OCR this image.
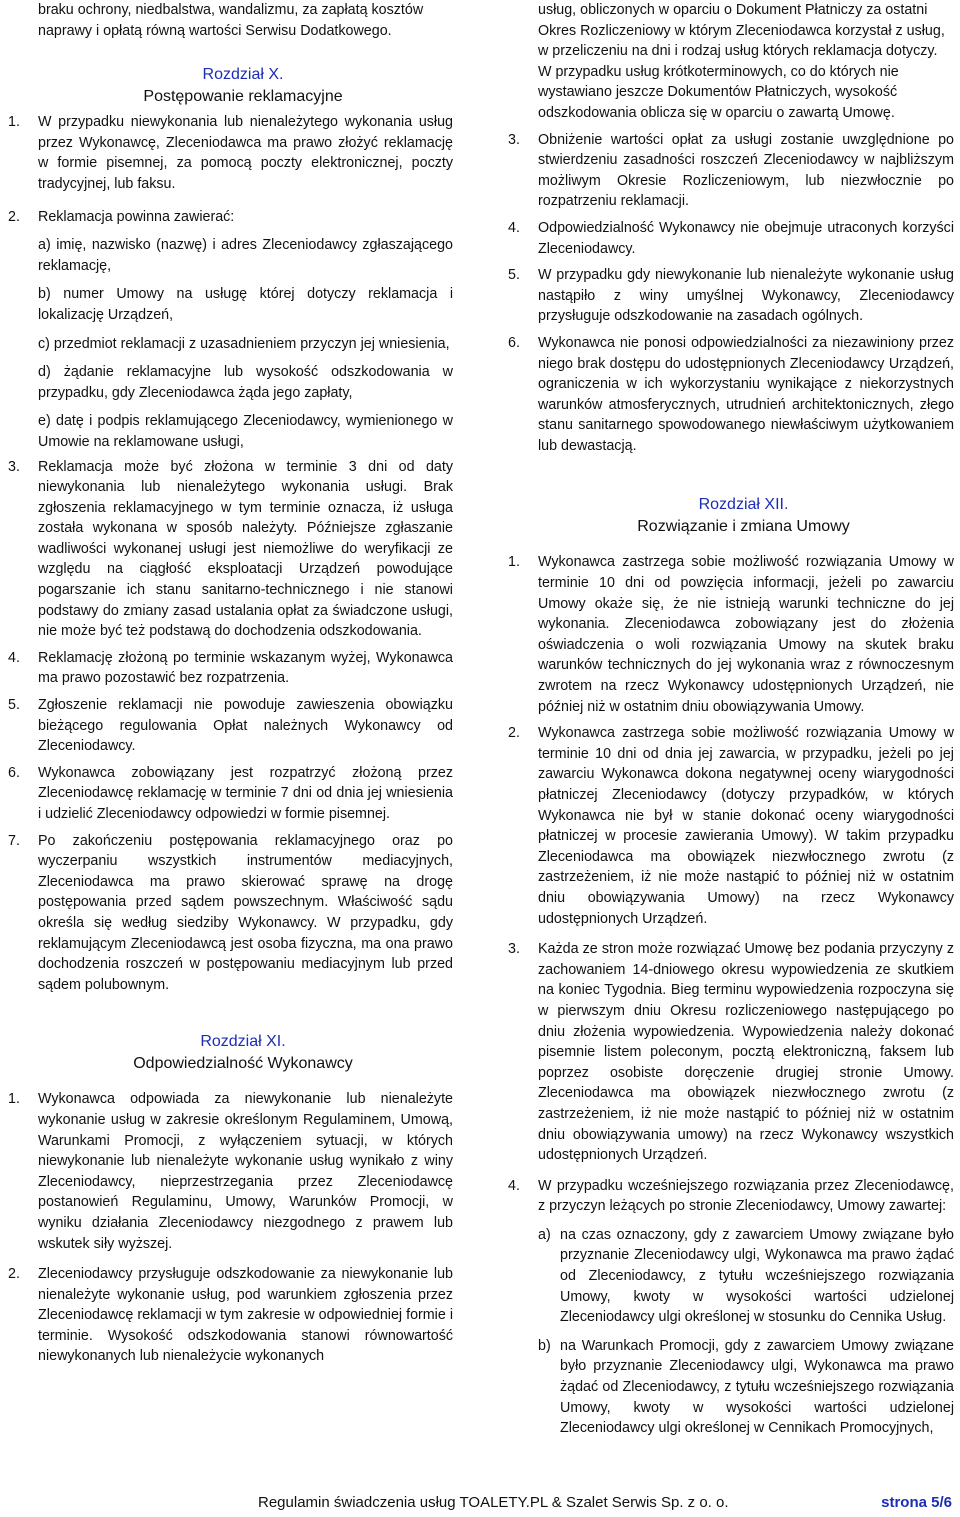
braku ochrony, niedbalstwa, wandalizmu, za zapłatą kosztów naprawy i opłatą równą wartości Serwisu Dodatkowego.
Rozdział X.
Postępowanie reklamacyjne
1. W przypadku niewykonania lub nienależytego wykonania usług przez Wykonawcę, Zleceniodawca ma prawo złożyć reklamację w formie pisemnej, za pomocą poczty elektronicznej, poczty tradycyjnej, lub faksu.
2. Reklamacja powinna zawierać:
a) imię, nazwisko (nazwę) i adres Zleceniodawcy zgłaszającego reklamację,
b) numer Umowy na usługę której dotyczy reklamacja i lokalizację Urządzeń,
c) przedmiot reklamacji z uzasadnieniem przyczyn jej wniesienia,
d) żądanie reklamacyjne lub wysokość odszkodowania w przypadku, gdy Zleceniodawca żąda jego zapłaty,
e) datę i podpis reklamującego Zleceniodawcy, wymienionego w Umowie na reklamowane usługi,
3. Reklamacja może być złożona w terminie 3 dni od daty niewykonania lub nienależytego wykonania usługi. Brak zgłoszenia reklamacyjnego w tym terminie oznacza, iż usługa została wykonana w sposób należyty. Późniejsze zgłaszanie wadliwości wykonanej usługi jest niemożliwe do weryfikacji ze względu na ciągłość eksploatacji Urządzeń powodujące pogarszanie ich stanu sanitarno-technicznego i nie stanowi podstawy do zmiany zasad ustalania opłat za świadczone usługi, nie może być też podstawą do dochodzenia odszkodowania.
4. Reklamację złożoną po terminie wskazanym wyżej, Wykonawca ma prawo pozostawić bez rozpatrzenia.
5. Zgłoszenie reklamacji nie powoduje zawieszenia obowiązku bieżącego regulowania Opłat należnych Wykonawcy od Zleceniodawcy.
6. Wykonawca zobowiązany jest rozpatrzyć złożoną przez Zleceniodawcę reklamację w terminie 7 dni od dnia jej wniesienia i udzielić Zleceniodawcy odpowiedzi w formie pisemnej.
7. Po zakończeniu postępowania reklamacyjnego oraz po wyczerpaniu wszystkich instrumentów mediacyjnych, Zleceniodawca ma prawo skierować sprawę na drogę postępowania przed sądem powszechnym. Właściwość sądu określa się według siedziby Wykonawcy. W przypadku, gdy reklamującym Zleceniodawcą jest osoba fizyczna, ma ona prawo dochodzenia roszczeń w postępowaniu mediacyjnym lub przed sądem polubownym.
Rozdział XI.
Odpowiedzialność Wykonawcy
1. Wykonawca odpowiada za niewykonanie lub nienależyte wykonanie usług w zakresie określonym Regulaminem, Umową, Warunkami Promocji, z wyłączeniem sytuacji, w których niewykonanie lub nienależyte wykonanie usług wynikało z winy Zleceniodawcy, nieprzestrzegania przez Zleceniodawcę postanowień Regulaminu, Umowy, Warunków Promocji, w wyniku działania Zleceniodawcy niezgodnego z prawem lub wskutek siły wyższej.
2. Zleceniodawcy przysługuje odszkodowanie za niewykonanie lub nienależyte wykonanie usług, pod warunkiem zgłoszenia przez Zleceniodawcę reklamacji w tym zakresie w odpowiedniej formie i terminie. Wysokość odszkodowania stanowi równowartość niewykonanych lub nienależycie wykonanych
usług, obliczonych w oparciu o Dokument Płatniczy za ostatni Okres Rozliczeniowy w którym Zleceniodawca korzystał z usług, w przeliczeniu na dni i rodzaj usług których reklamacja dotyczy. W przypadku usług krótkoterminowych, co do których nie wystawiano jeszcze Dokumentów Płatniczych, wysokość odszkodowania oblicza się w oparciu o zawartą Umowę.
3. Obniżenie wartości opłat za usługi zostanie uwzględnione po stwierdzeniu zasadności roszczeń Zleceniodawcy w najbliższym możliwym Okresie Rozliczeniowym, lub niezwłocznie po rozpatrzeniu reklamacji.
4. Odpowiedzialność Wykonawcy nie obejmuje utraconych korzyści Zleceniodawcy.
5. W przypadku gdy niewykonanie lub nienależyte wykonanie usług nastąpiło z winy umyślnej Wykonawcy, Zleceniodawcy przysługuje odszkodowanie na zasadach ogólnych.
6. Wykonawca nie ponosi odpowiedzialności za niezawiniony przez niego brak dostępu do udostępnionych Zleceniodawcy Urządzeń, ograniczenia w ich wykorzystaniu wynikające z niekorzystnych warunków atmosferycznych, utrudnień architektonicznych, złego stanu sanitarnego spowodowanego niewłaściwym użytkowaniem lub dewastacją.
Rozdział XII.
Rozwiązanie i zmiana Umowy
1. Wykonawca zastrzega sobie możliwość rozwiązania Umowy w terminie 10 dni od powzięcia informacji, jeżeli po zawarciu Umowy okaże się, że nie istnieją warunki techniczne do jej wykonania. Zleceniodawca zobowiązany jest do złożenia oświadczenia o woli rozwiązania Umowy na skutek braku warunków technicznych do jej wykonania wraz z równoczesnym zwrotem na rzecz Wykonawcy udostępnionych Urządzeń, nie później niż w ostatnim dniu obowiązywania Umowy.
2. Wykonawca zastrzega sobie możliwość rozwiązania Umowy w terminie 10 dni od dnia jej zawarcia, w przypadku, jeżeli po jej zawarciu Wykonawca dokona negatywnej oceny wiarygodności płatniczej Zleceniodawcy (dotyczy przypadków, w których Wykonawca nie był w stanie dokonać oceny wiarygodności płatniczej w procesie zawierania Umowy). W takim przypadku Zleceniodawca ma obowiązek niezwłocznego zwrotu (z zastrzeżeniem, iż nie może nastąpić to później niż w ostatnim dniu obowiązywania Umowy) na rzecz Wykonawcy udostępnionych Urządzeń.
3. Każda ze stron może rozwiązać Umowę bez podania przyczyny z zachowaniem 14-dniowego okresu wypowiedzenia ze skutkiem na koniec Tygodnia. Bieg terminu wypowiedzenia rozpoczyna się w pierwszym dniu Okresu rozliczeniowego następującego po dniu złożenia wypowiedzenia. Wypowiedzenia należy dokonać pisemnie listem poleconym, pocztą elektroniczną, faksem lub poprzez osobiste doręczenie drugiej stronie Umowy. Zleceniodawca ma obowiązek niezwłocznego zwrotu (z zastrzeżeniem, iż nie może nastąpić to później niż w ostatnim dniu obowiązywania umowy) na rzecz Wykonawcy wszystkich udostępnionych Urządzeń.
4. W przypadku wcześniejszego rozwiązania przez Zleceniodawcę, z przyczyn leżących po stronie Zleceniodawcy, Umowy zawartej:
a) na czas oznaczony, gdy z zawarciem Umowy związane było przyznanie Zleceniodawcy ulgi, Wykonawca ma prawo żądać od Zleceniodawcy, z tytułu wcześniejszego rozwiązania Umowy, kwoty w wysokości wartości udzielonej Zleceniodawcy ulgi określonej w stosunku do Cennika Usług.
b) na Warunkach Promocji, gdy z zawarciem Umowy związane było przyznanie Zleceniodawcy ulgi, Wykonawca ma prawo żądać od Zleceniodawcy, z tytułu wcześniejszego rozwiązania Umowy, kwoty w wysokości wartości udzielonej Zleceniodawcy ulgi określonej w Cennikach Promocyjnych,
Regulamin świadczenia usług TOALETY.PL & Szalet Serwis Sp. z o. o.	strona 5/6
